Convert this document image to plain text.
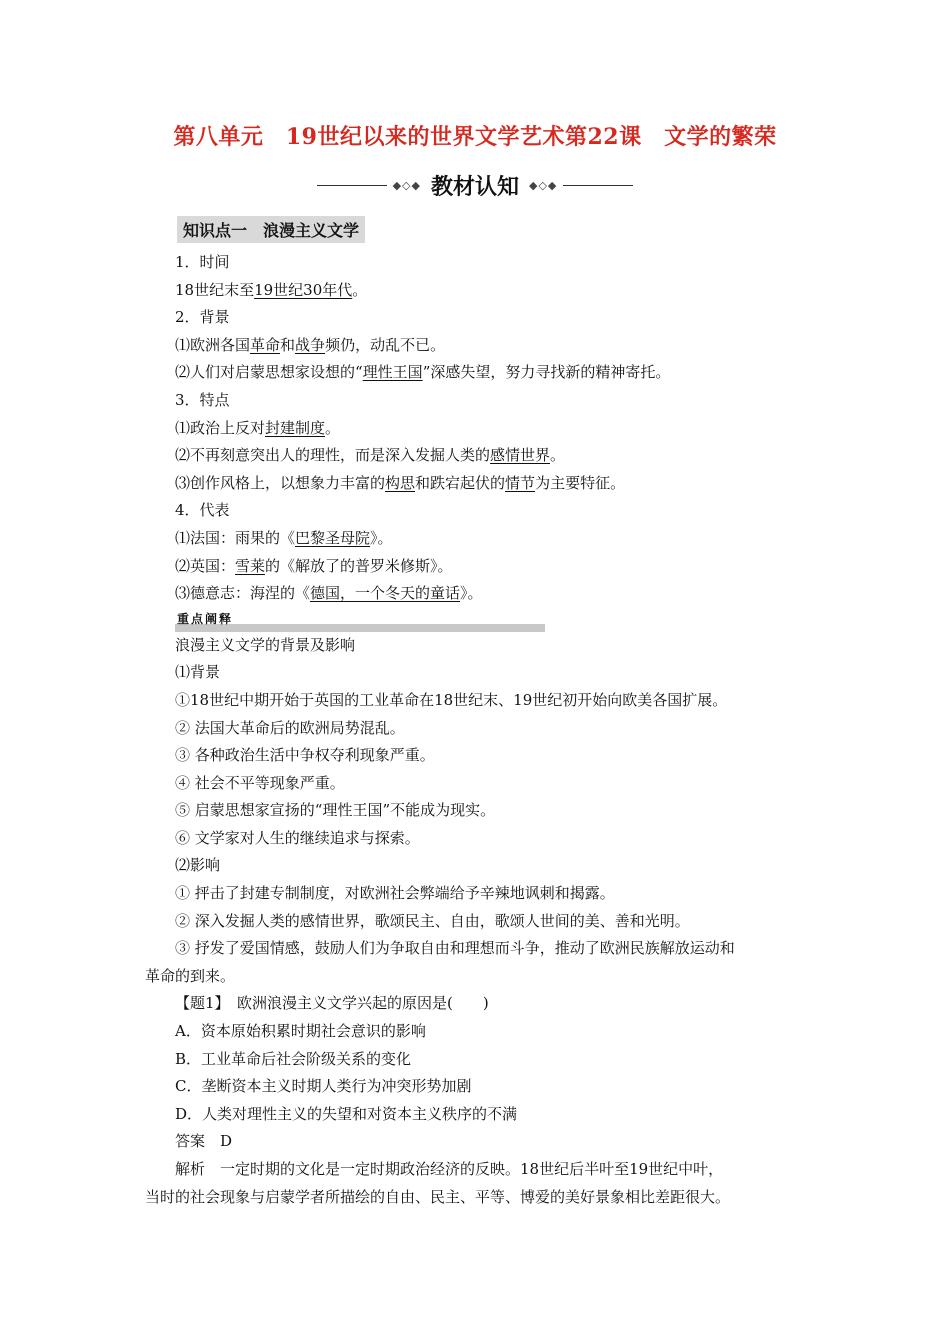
第八单元　19世纪以来的世界文学艺术第22课　文学的繁荣
◆◇◆ 教材认知 ◆◇◆
知识点一　浪漫主义文学
1．时间
18世纪末至19世纪30年代。
2．背景
⑴欧洲各国革命和战争频仍，动乱不已。
⑵人们对启蒙思想家设想的“理性王国”深感失望，努力寻找新的精神寄托。
3．特点
⑴政治上反对封建制度。
⑵不再刻意突出人的理性，而是深入发掘人类的感情世界。
⑶创作风格上，以想象力丰富的构思和跌宕起伏的情节为主要特征。
4．代表
⑴法国：雨果的《巴黎圣母院》。
⑵英国：雪莱的《解放了的普罗米修斯》。
⑶德意志：海涅的《德国，一个冬天的童话》。
重点阐释
浪漫主义文学的背景及影响
⑴背景
①18世纪中期开始于英国的工业革命在18世纪末、19世纪初开始向欧美各国扩展。
② 法国大革命后的欧洲局势混乱。
③ 各种政治生活中争权夺利现象严重。
④ 社会不平等现象严重。
⑤ 启蒙思想家宣扬的“理性王国”不能成为现实。
⑥ 文学家对人生的继续追求与探索。
⑵影响
① 抨击了封建专制制度，对欧洲社会弊端给予辛辣地讽刺和揭露。
② 深入发掘人类的感情世界，歌颂民主、自由，歌颂人世间的美、善和光明。
③ 抒发了爱国情感，鼓励人们为争取自由和理想而斗争，推动了欧洲民族解放运动和
革命的到来。
【题1】　欧洲浪漫主义文学兴起的原因是(　　)
A．资本原始积累时期社会意识的影响
B．工业革命后社会阶级关系的变化
C．垄断资本主义时期人类行为冲突形势加剧
D．人类对理性主义的失望和对资本主义秩序的不满
答案　D
解析　一定时期的文化是一定时期政治经济的反映。18世纪后半叶至19世纪中叶，
当时的社会现象与启蒙学者所描绘的自由、民主、平等、博爱的美好景象相比差距很大。
